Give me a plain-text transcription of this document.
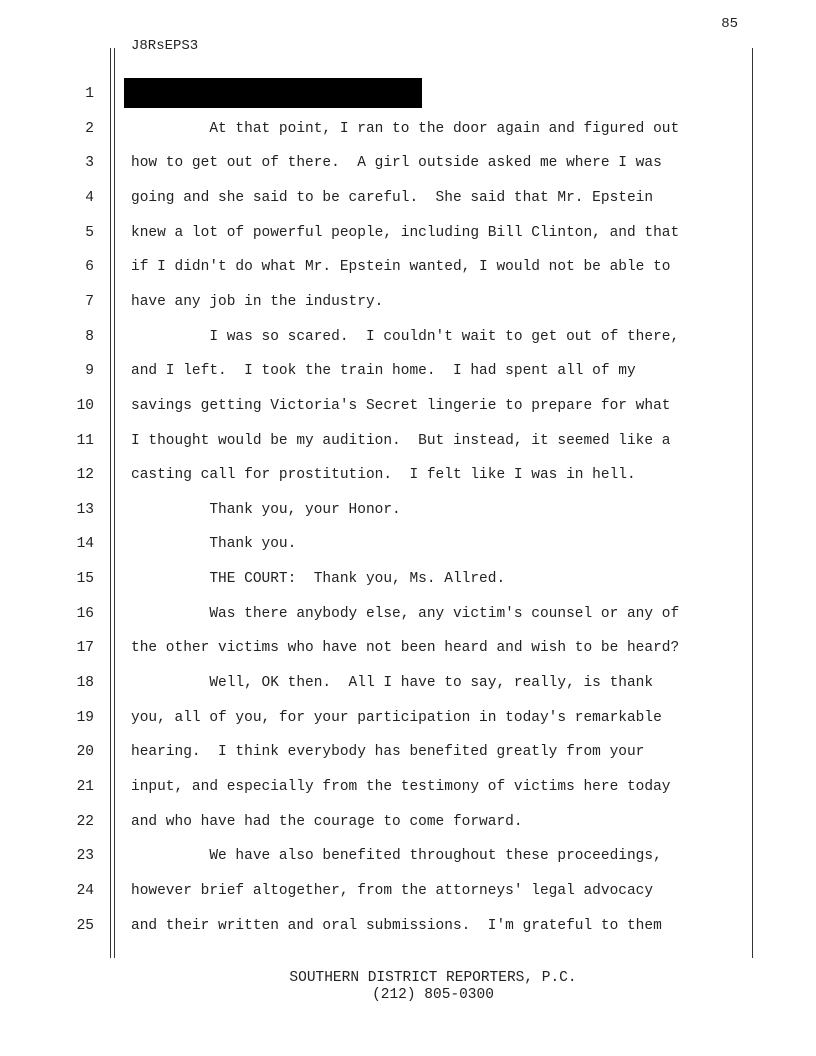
85
J8RsEPS3
1
2	At that point, I ran to the door again and figured out
3	how to get out of there.  A girl outside asked me where I was
4	going and she said to be careful.  She said that Mr. Epstein
5	knew a lot of powerful people, including Bill Clinton, and that
6	if I didn't do what Mr. Epstein wanted, I would not be able to
7	have any job in the industry.
8	I was so scared.  I couldn't wait to get out of there,
9	and I left.  I took the train home.  I had spent all of my
10	savings getting Victoria's Secret lingerie to prepare for what
11	I thought would be my audition.  But instead, it seemed like a
12	casting call for prostitution.  I felt like I was in hell.
13	Thank you, your Honor.
14	Thank you.
15	THE COURT:  Thank you, Ms. Allred.
16	Was there anybody else, any victim's counsel or any of
17	the other victims who have not been heard and wish to be heard?
18	Well, OK then.  All I have to say, really, is thank
19	you, all of you, for your participation in today's remarkable
20	hearing.  I think everybody has benefited greatly from your
21	input, and especially from the testimony of victims here today
22	and who have had the courage to come forward.
23	We have also benefited throughout these proceedings,
24	however brief altogether, from the attorneys' legal advocacy
25	and their written and oral submissions.  I'm grateful to them
SOUTHERN DISTRICT REPORTERS, P.C.
(212) 805-0300
